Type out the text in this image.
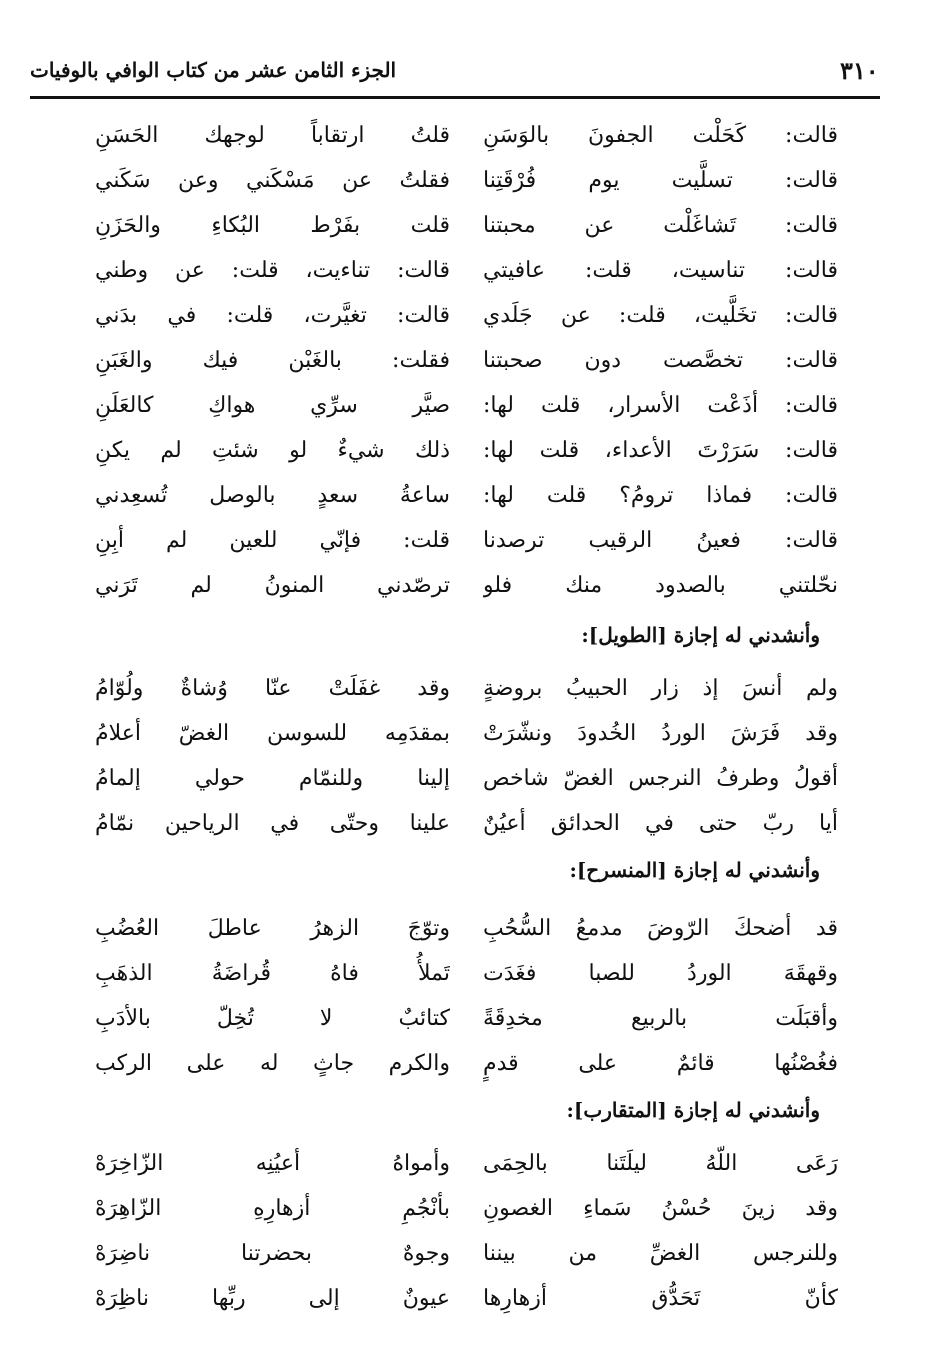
٣١٠
الجزء الثامن عشر من كتاب الوافي بالوفيات
قالت: كَحَلْت الجفونَ بالوَسَنِ
قلتُ ارتقاباً لوجهك الحَسَنِ
قالت: تسلَّيت يوم فُرْقَتِنا
فقلتُ عن مَسْكَني وعن سَكَني
قالت: تَشاغَلْت عن محبتنا
قلت بفَرْط البُكاءِ والحَزَنِ
قالت: تناسيت، قلت: عافيتي
قالت: تناءيت، قلت: عن وطني
قالت: تخَلَّيت، قلت: عن جَلَدي
قالت: تغيَّرت، قلت: في بدَني
قالت: تخصَّصت دون صحبتنا
فقلت: بالغَبْن فيك والغَبَنِ
قالت: أذَعْت الأسرار، قلت لها:
صيَّر سرِّي هواكِ كالعَلَنِ
قالت: سَرَرْتَ الأعداء، قلت لها:
ذلك شيءٌ لو شئتِ لم يكنِ
قالت: فماذا ترومُ؟ قلت لها:
ساعةُ سعدٍ بالوصل تُسعِدني
قالت: فعينُ الرقيب ترصدنا
قلت: فإنّي للعين لم أبِنِ
نحّلتني بالصدود منك فلو
ترصّدني المنونُ لم تَرَني
وأنشدني له إجازة [الطويل]:
ولم أنسَ إذ زار الحبيبُ بروضةٍ
وقد غفَلَتْ عنّا وُشاةٌ ولُوّامُ
وقد فَرَشَ الوردُ الخُدودَ ونشّرَتْ
بمقدَمِه للسوسن الغضّ أعلامُ
أقولُ وطرفُ النرجس الغضّ شاخص
إلينا وللنمّام حولي إلمامُ
أيا ربّ حتى في الحدائق أعيُنٌ
علينا وحتّى في الرياحين نمّامُ
وأنشدني له إجازة [المنسرح]:
قد أضحكَ الرّوضَ مدمعُ السُّحُبِ
وتوّجَ الزهرُ عاطلَ العُضُبِ
وقهقَهَ الوردُ للصبا فغَدَت
تَملأُ فاهُ قُراضَةُ الذهَبِ
وأقبَلَت بالربيع مخدِقَةً
كتائبٌ لا تُخِلّ بالأدَبِ
فغُصْنُها قائمٌ على قدمٍ
والكرم جاثٍ له على الركب
وأنشدني له إجازة [المتقارب]:
رَعَى اللّهُ ليلَتَنا بالحِمَى
وأمواهُ أعيُنِه الزّاخِرَهْ
وقد زينَ حُسْنُ سَماءِ الغصونِ
بأنْجُمِ أزهارِهِ الزّاهِرَهْ
وللنرجس الغضِّ من بيننا
وجوهٌ بحضرتنا ناضِرَهْ
كأنّ تَحَدُّق أزهارِها
عيونٌ إلى ربِّها ناظِرَهْ
